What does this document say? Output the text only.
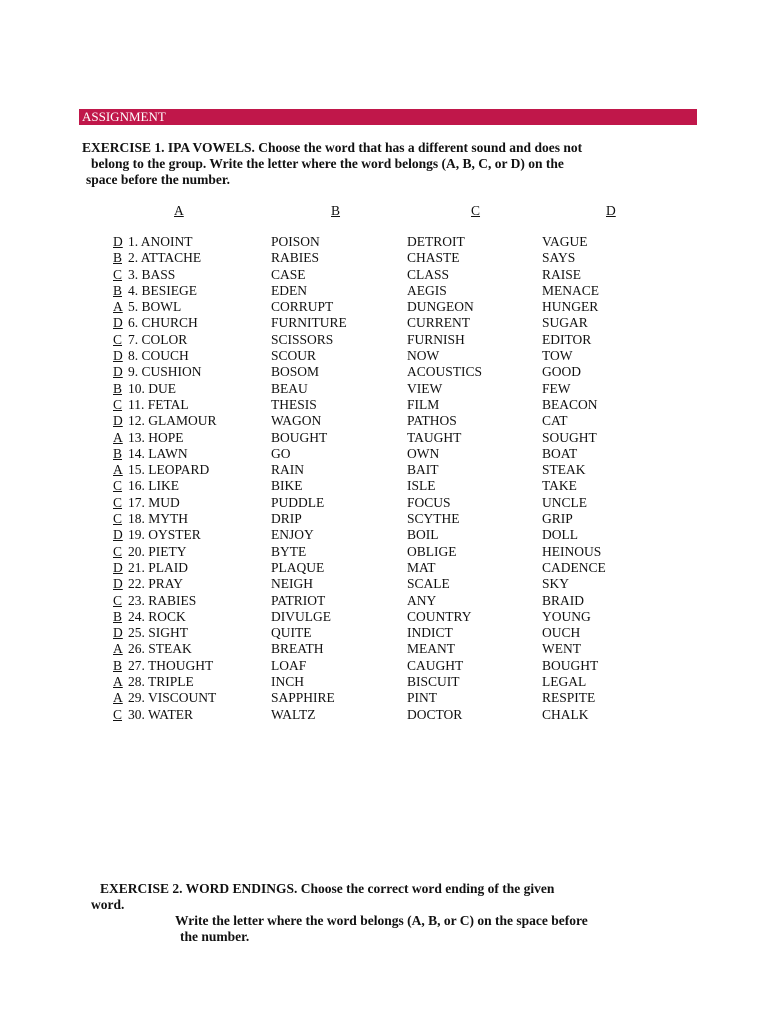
ASSIGNMENT
EXERCISE 1. IPA VOWELS. Choose the word that has a different sound and does not
belong to the group. Write the letter where the word belongs (A, B, C, or D) on the
space before the number.
A	B	C	D
D 1. ANOINT	POISON	DETROIT	VAGUE
B 2. ATTACHE	RABIES	CHASTE	SAYS
C 3. BASS	CASE	CLASS	RAISE
B 4. BESIEGE	EDEN	AEGIS	MENACE
A 5. BOWL	CORRUPT	DUNGEON	HUNGER
D 6. CHURCH	FURNITURE	CURRENT	SUGAR
C 7. COLOR	SCISSORS	FURNISH	EDITOR
D 8. COUCH	SCOUR	NOW	TOW
D 9. CUSHION	BOSOM	ACOUSTICS	GOOD
B 10. DUE	BEAU	VIEW	FEW
C 11. FETAL	THESIS	FILM	BEACON
D 12. GLAMOUR	WAGON	PATHOS	CAT
A 13. HOPE	BOUGHT	TAUGHT	SOUGHT
B 14. LAWN	GO	OWN	BOAT
A 15. LEOPARD	RAIN	BAIT	STEAK
C 16. LIKE	BIKE	ISLE	TAKE
C 17. MUD	PUDDLE	FOCUS	UNCLE
C 18. MYTH	DRIP	SCYTHE	GRIP
D 19. OYSTER	ENJOY	BOIL	DOLL
C 20. PIETY	BYTE	OBLIGE	HEINOUS
D 21. PLAID	PLAQUE	MAT	CADENCE
D 22. PRAY	NEIGH	SCALE	SKY
C 23. RABIES	PATRIOT	ANY	BRAID
B 24. ROCK	DIVULGE	COUNTRY	YOUNG
D 25. SIGHT	QUITE	INDICT	OUCH
A 26. STEAK	BREATH	MEANT	WENT
B 27. THOUGHT	LOAF	CAUGHT	BOUGHT
A 28. TRIPLE	INCH	BISCUIT	LEGAL
A 29. VISCOUNT	SAPPHIRE	PINT	RESPITE
C 30. WATER	WALTZ	DOCTOR	CHALK
EXERCISE 2. WORD ENDINGS. Choose the correct word ending of the given
word.
Write the letter where the word belongs (A, B, or C) on the space before
the number.
